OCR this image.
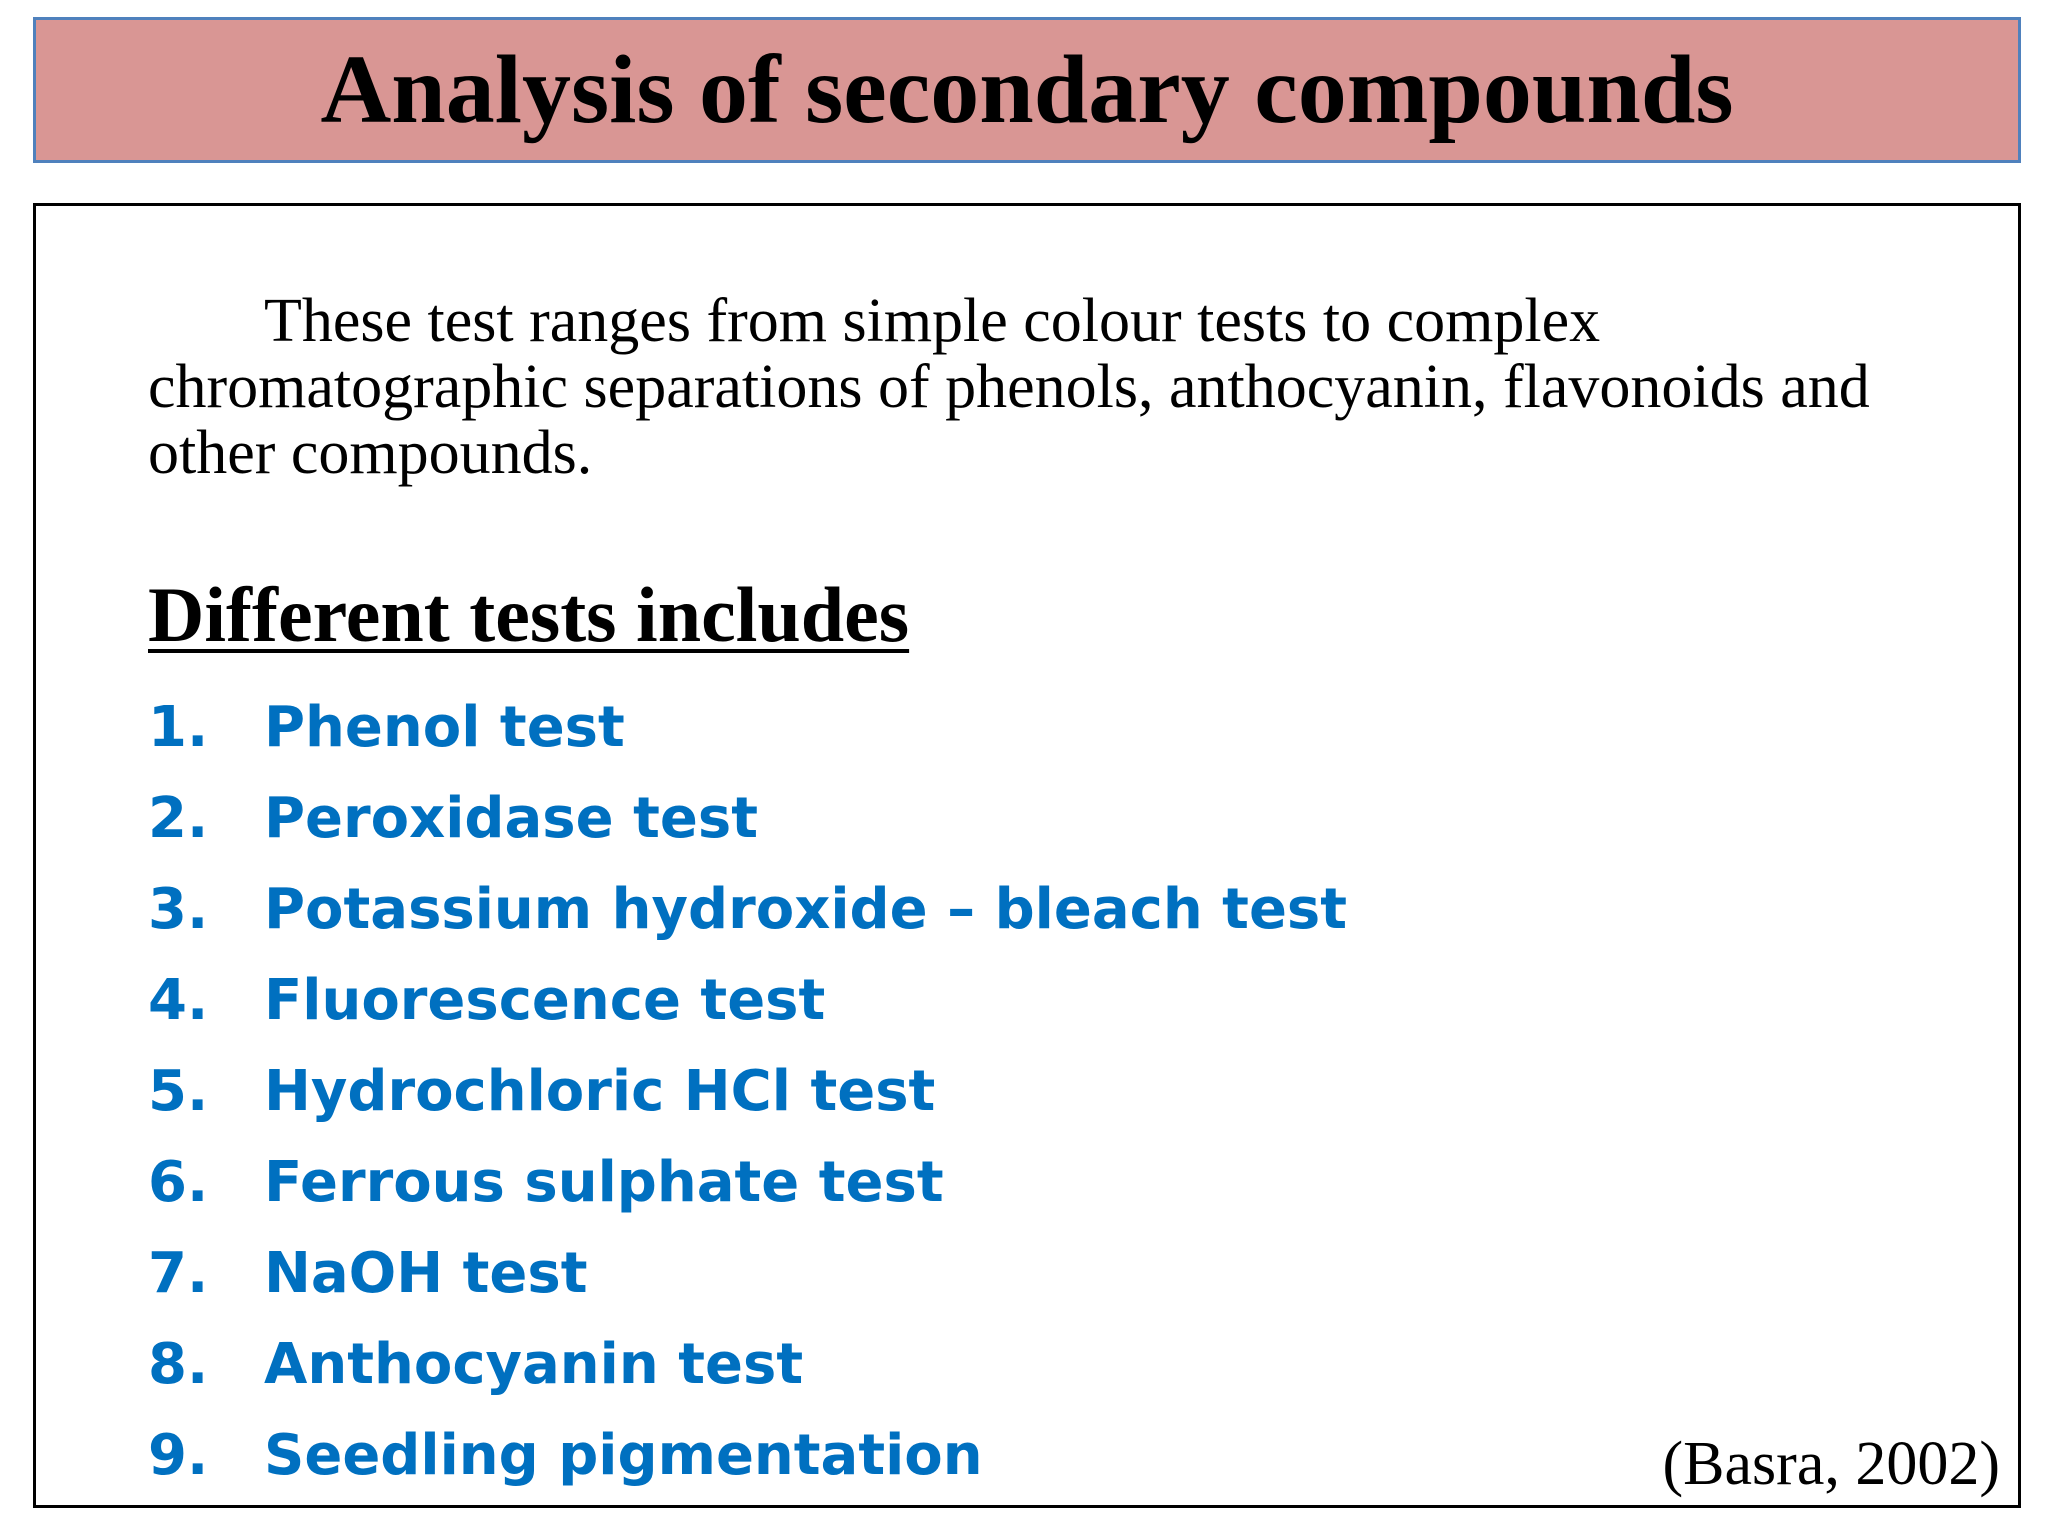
Analysis of secondary compounds

These test ranges from simple colour tests to complex chromatographic separations of phenols, anthocyanin, flavonoids and other compounds.

Different tests includes
1. Phenol test
2. Peroxidase test
3. Potassium hydroxide – bleach test
4. Fluorescence test
5. Hydrochloric HCl test
6. Ferrous sulphate test
7. NaOH test
8. Anthocyanin test
9. Seedling pigmentation	(Basra, 2002)
